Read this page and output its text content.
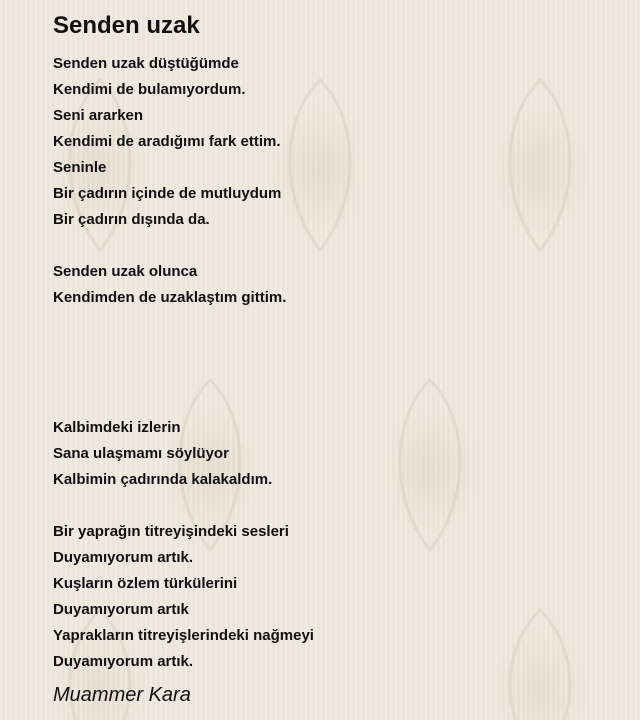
Senden uzak
Senden uzak düştüğümde
Kendimi de bulamıyordum.
Seni ararken
Kendimi de aradığımı fark ettim.
Seninle
Bir çadırın içinde de mutluydum
Bir çadırın dışında da.
Senden uzak olunca
Kendimden de uzaklaştım gittim.
Kalbimdeki izlerin
Sana ulaşmamı söylüyor
Kalbimin çadırında kalakaldım.
Bir yaprağın titreyişindeki sesleri
Duyamıyorum artık.
Kuşların özlem türkülerini
Duyamıyorum artık
Yaprakların titreyişlerindeki nağmeyi
Duyamıyorum artık.
Muammer Kara
